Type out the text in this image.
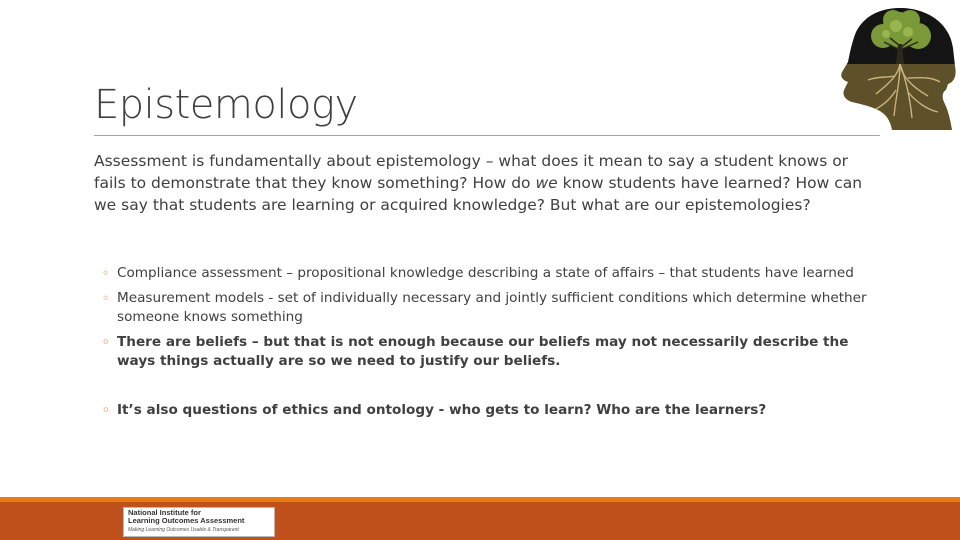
Epistemology

Assessment is fundamentally about epistemology – what does it mean to say a student knows or fails to demonstrate that they know something? How do we know students have learned? How can we say that students are learning or acquired knowledge? But what are our epistemologies?

◦ Compliance assessment – propositional knowledge describing a state of affairs – that students have learned
◦ Measurement models - set of individually necessary and jointly sufficient conditions which determine whether someone knows something
◦ There are beliefs – but that is not enough because our beliefs may not necessarily describe the ways things actually are so we need to justify our beliefs.
◦ It’s also questions of ethics and ontology - who gets to learn? Who are the learners?
National Institute for
Learning Outcomes Assessment
Making Learning Outcomes Usable & Transparent
